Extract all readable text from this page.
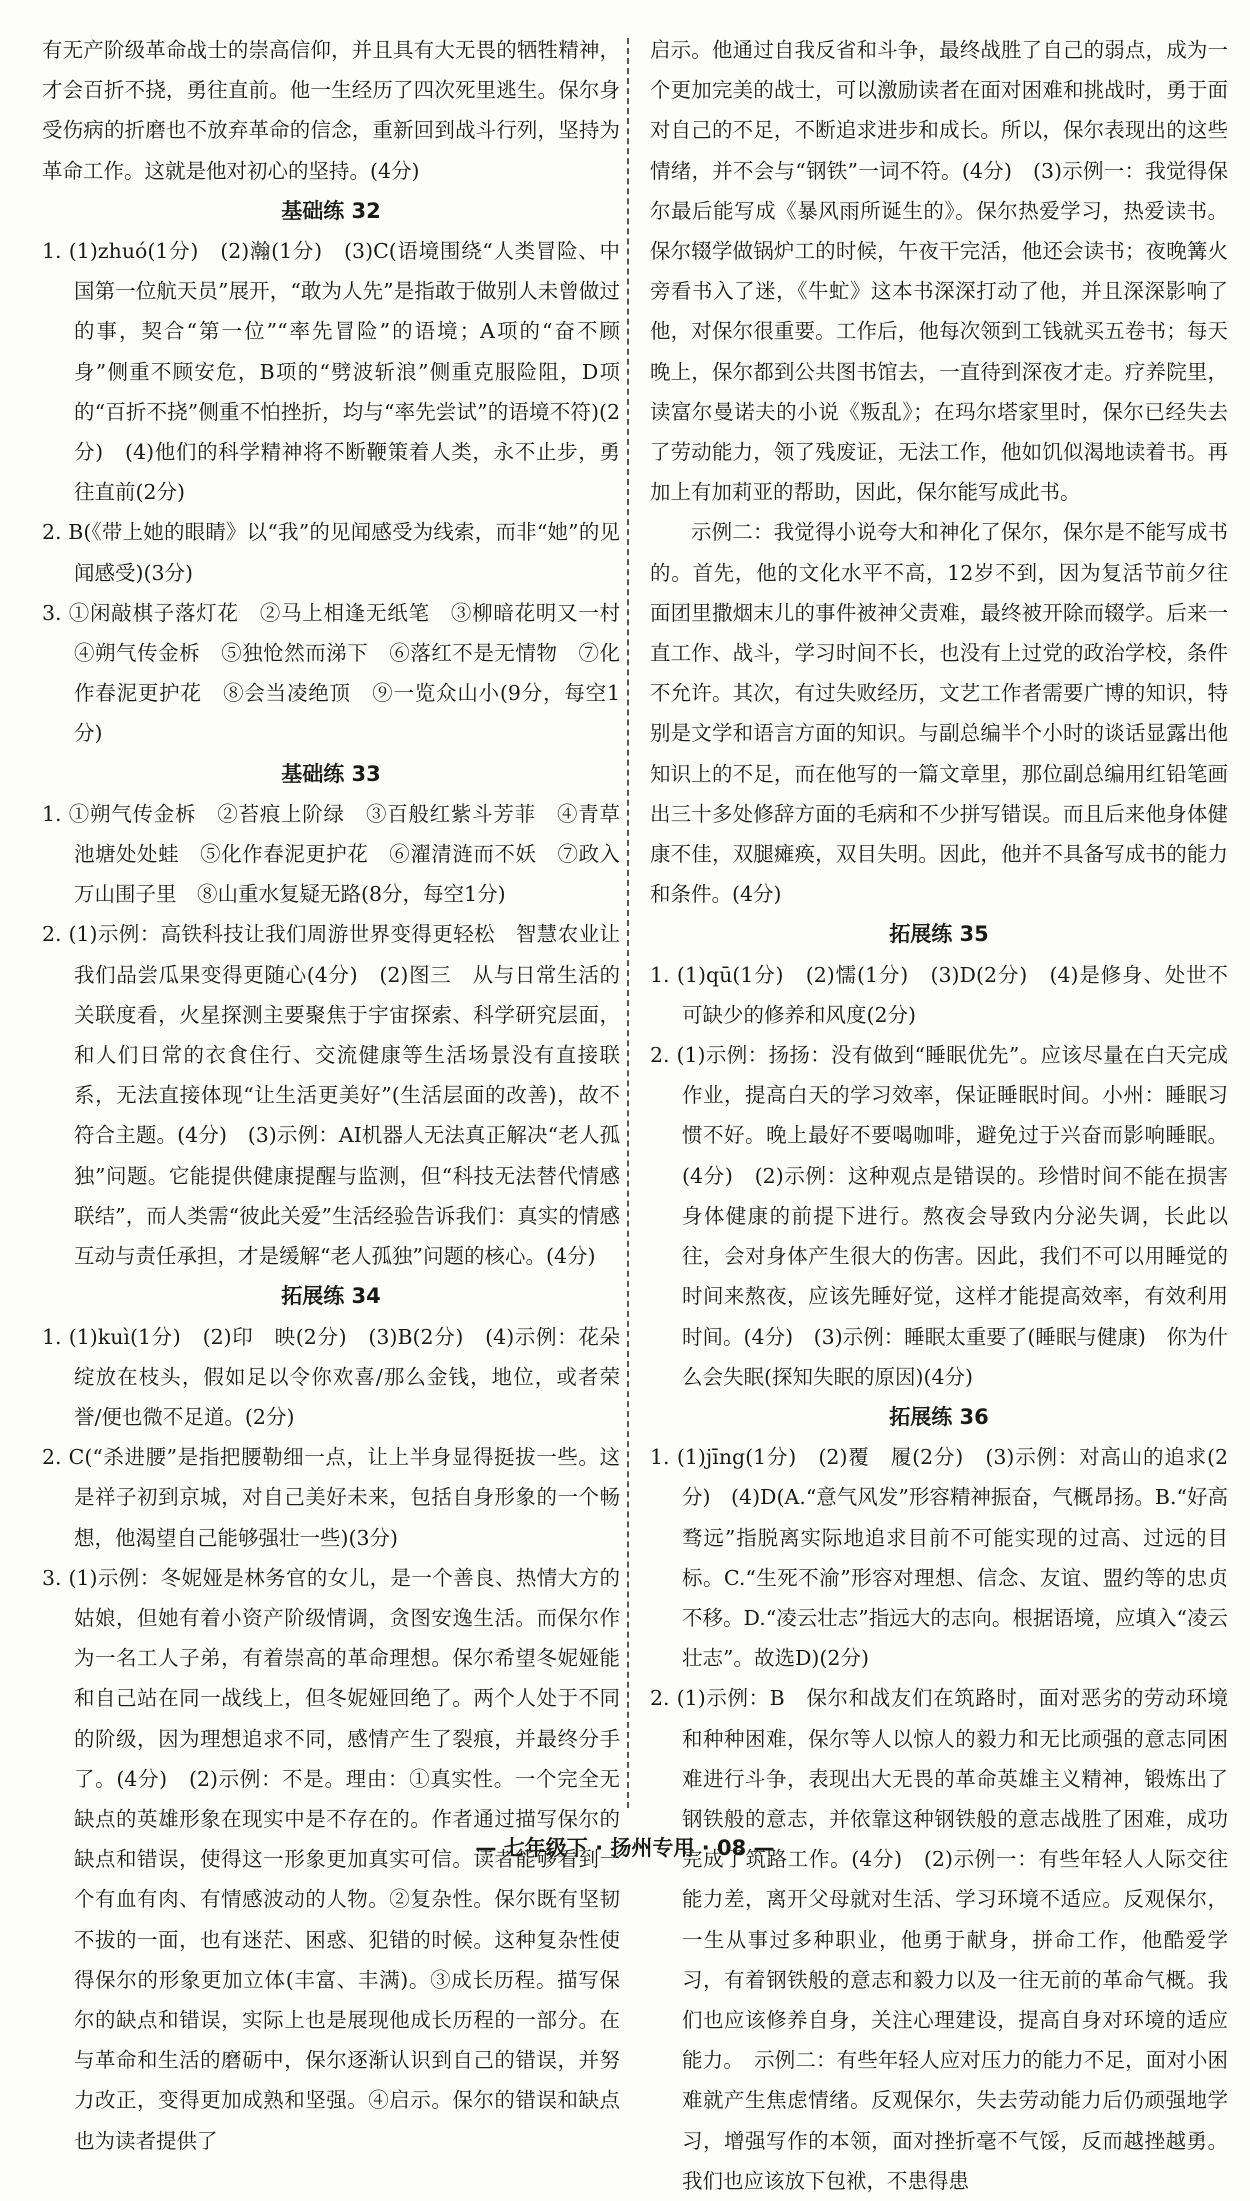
有无产阶级革命战士的崇高信仰，并且具有大无畏的牺牲精神，才会百折不挠，勇往直前。他一生经历了四次死里逃生。保尔身受伤病的折磨也不放弃革命的信念，重新回到战斗行列，坚持为革命工作。这就是他对初心的坚持。(4分)

基础练 32

1. (1)zhuó(1分)　(2)瀚(1分)　(3)C(语境围绕“人类冒险、中国第一位航天员”展开，“敢为人先”是指敢于做别人未曾做过的事，契合“第一位”“率先冒险”的语境；A项的“奋不顾身”侧重不顾安危，B项的“劈波斩浪”侧重克服险阻，D项的“百折不挠”侧重不怕挫折，均与“率先尝试”的语境不符)(2分)　(4)他们的科学精神将不断鞭策着人类，永不止步，勇往直前(2分)

2. B(《带上她的眼睛》以“我”的见闻感受为线索，而非“她”的见闻感受)(3分)

3. ①闲敲棋子落灯花　②马上相逢无纸笔　③柳暗花明又一村　④朔气传金柝　⑤独怆然而涕下　⑥落红不是无情物　⑦化作春泥更护花　⑧会当凌绝顶　⑨一览众山小(9分，每空1分)

基础练 33

1. ①朔气传金柝　②苔痕上阶绿　③百般红紫斗芳菲　④青草池塘处处蛙　⑤化作春泥更护花　⑥濯清涟而不妖　⑦政入万山围子里　⑧山重水复疑无路(8分，每空1分)

2. (1)示例：高铁科技让我们周游世界变得更轻松　智慧农业让我们品尝瓜果变得更随心(4分)　(2)图三　从与日常生活的关联度看，火星探测主要聚焦于宇宙探索、科学研究层面，和人们日常的衣食住行、交流健康等生活场景没有直接联系，无法直接体现“让生活更美好”(生活层面的改善)，故不符合主题。(4分)　(3)示例：AI机器人无法真正解决“老人孤独”问题。它能提供健康提醒与监测，但“科技无法替代情感联结”，而人类需“彼此关爱”生活经验告诉我们：真实的情感互动与责任承担，才是缓解“老人孤独”问题的核心。(4分)

拓展练 34

1. (1)kuì(1分)　(2)印　映(2分)　(3)B(2分)　(4)示例：花朵绽放在枝头，假如足以令你欢喜/那么金钱，地位，或者荣誉/便也微不足道。(2分)

2. C(“杀进腰”是指把腰勒细一点，让上半身显得挺拔一些。这是祥子初到京城，对自己美好未来，包括自身形象的一个畅想，他渴望自己能够强壮一些)(3分)

3. (1)示例：冬妮娅是林务官的女儿，是一个善良、热情大方的姑娘，但她有着小资产阶级情调，贪图安逸生活。而保尔作为一名工人子弟，有着崇高的革命理想。保尔希望冬妮娅能和自己站在同一战线上，但冬妮娅回绝了。两个人处于不同的阶级，因为理想追求不同，感情产生了裂痕，并最终分手了。(4分)　(2)示例：不是。理由：①真实性。一个完全无缺点的英雄形象在现实中是不存在的。作者通过描写保尔的缺点和错误，使得这一形象更加真实可信。读者能够看到一个有血有肉、有情感波动的人物。②复杂性。保尔既有坚韧不拔的一面，也有迷茫、困惑、犯错的时候。这种复杂性使得保尔的形象更加立体(丰富、丰满)。③成长历程。描写保尔的缺点和错误，实际上也是展现他成长历程的一部分。在与革命和生活的磨砺中，保尔逐渐认识到自己的错误，并努力改正，变得更加成熟和坚强。④启示。保尔的错误和缺点也为读者提供了

启示。他通过自我反省和斗争，最终战胜了自己的弱点，成为一个更加完美的战士，可以激励读者在面对困难和挑战时，勇于面对自己的不足，不断追求进步和成长。所以，保尔表现出的这些情绪，并不会与“钢铁”一词不符。(4分)　(3)示例一：我觉得保尔最后能写成《暴风雨所诞生的》。保尔热爱学习，热爱读书。保尔辍学做锅炉工的时候，午夜干完活，他还会读书；夜晚篝火旁看书入了迷，《牛虻》这本书深深打动了他，并且深深影响了他，对保尔很重要。工作后，他每次领到工钱就买五卷书；每天晚上，保尔都到公共图书馆去，一直待到深夜才走。疗养院里，读富尔曼诺夫的小说《叛乱》；在玛尔塔家里时，保尔已经失去了劳动能力，领了残废证，无法工作，他如饥似渴地读着书。再加上有加莉亚的帮助，因此，保尔能写成此书。

示例二：我觉得小说夸大和神化了保尔，保尔是不能写成书的。首先，他的文化水平不高，12岁不到，因为复活节前夕往面团里撒烟末儿的事件被神父责难，最终被开除而辍学。后来一直工作、战斗，学习时间不长，也没有上过党的政治学校，条件不允许。其次，有过失败经历，文艺工作者需要广博的知识，特别是文学和语言方面的知识。与副总编半个小时的谈话显露出他知识上的不足，而在他写的一篇文章里，那位副总编用红铅笔画出三十多处修辞方面的毛病和不少拼写错误。而且后来他身体健康不佳，双腿瘫痪，双目失明。因此，他并不具备写成书的能力和条件。(4分)

拓展练 35

1. (1)qū(1分)　(2)懦(1分)　(3)D(2分)　(4)是修身、处世不可缺少的修养和风度(2分)

2. (1)示例：扬扬：没有做到“睡眠优先”。应该尽量在白天完成作业，提高白天的学习效率，保证睡眠时间。小州：睡眠习惯不好。晚上最好不要喝咖啡，避免过于兴奋而影响睡眠。(4分)　(2)示例：这种观点是错误的。珍惜时间不能在损害身体健康的前提下进行。熬夜会导致内分泌失调，长此以往，会对身体产生很大的伤害。因此，我们不可以用睡觉的时间来熬夜，应该先睡好觉，这样才能提高效率，有效利用时间。(4分)　(3)示例：睡眠太重要了(睡眠与健康)　你为什么会失眠(探知失眠的原因)(4分)

拓展练 36

1. (1)jīng(1分)　(2)覆　履(2分)　(3)示例：对高山的追求(2分)　(4)D(A.“意气风发”形容精神振奋，气概昂扬。B.“好高骛远”指脱离实际地追求目前不可能实现的过高、过远的目标。C.“生死不渝”形容对理想、信念、友谊、盟约等的忠贞不移。D.“凌云壮志”指远大的志向。根据语境，应填入“凌云壮志”。故选D)(2分)

2. (1)示例：B　保尔和战友们在筑路时，面对恶劣的劳动环境和种种困难，保尔等人以惊人的毅力和无比顽强的意志同困难进行斗争，表现出大无畏的革命英雄主义精神，锻炼出了钢铁般的意志，并依靠这种钢铁般的意志战胜了困难，成功完成了筑路工作。(4分)　(2)示例一：有些年轻人人际交往能力差，离开父母就对生活、学习环境不适应。反观保尔，一生从事过多种职业，他勇于献身，拼命工作，他酷爱学习，有着钢铁般的意志和毅力以及一往无前的革命气概。我们也应该修养自身，关注心理建设，提高自身对环境的适应能力。　示例二：有些年轻人应对压力的能力不足，面对小困难就产生焦虑情绪。反观保尔，失去劳动能力后仍顽强地学习，增强写作的本领，面对挫折毫不气馁，反而越挫越勇。我们也应该放下包袱，不患得患

— 七年级下 · 扬州专用 · 08 —
